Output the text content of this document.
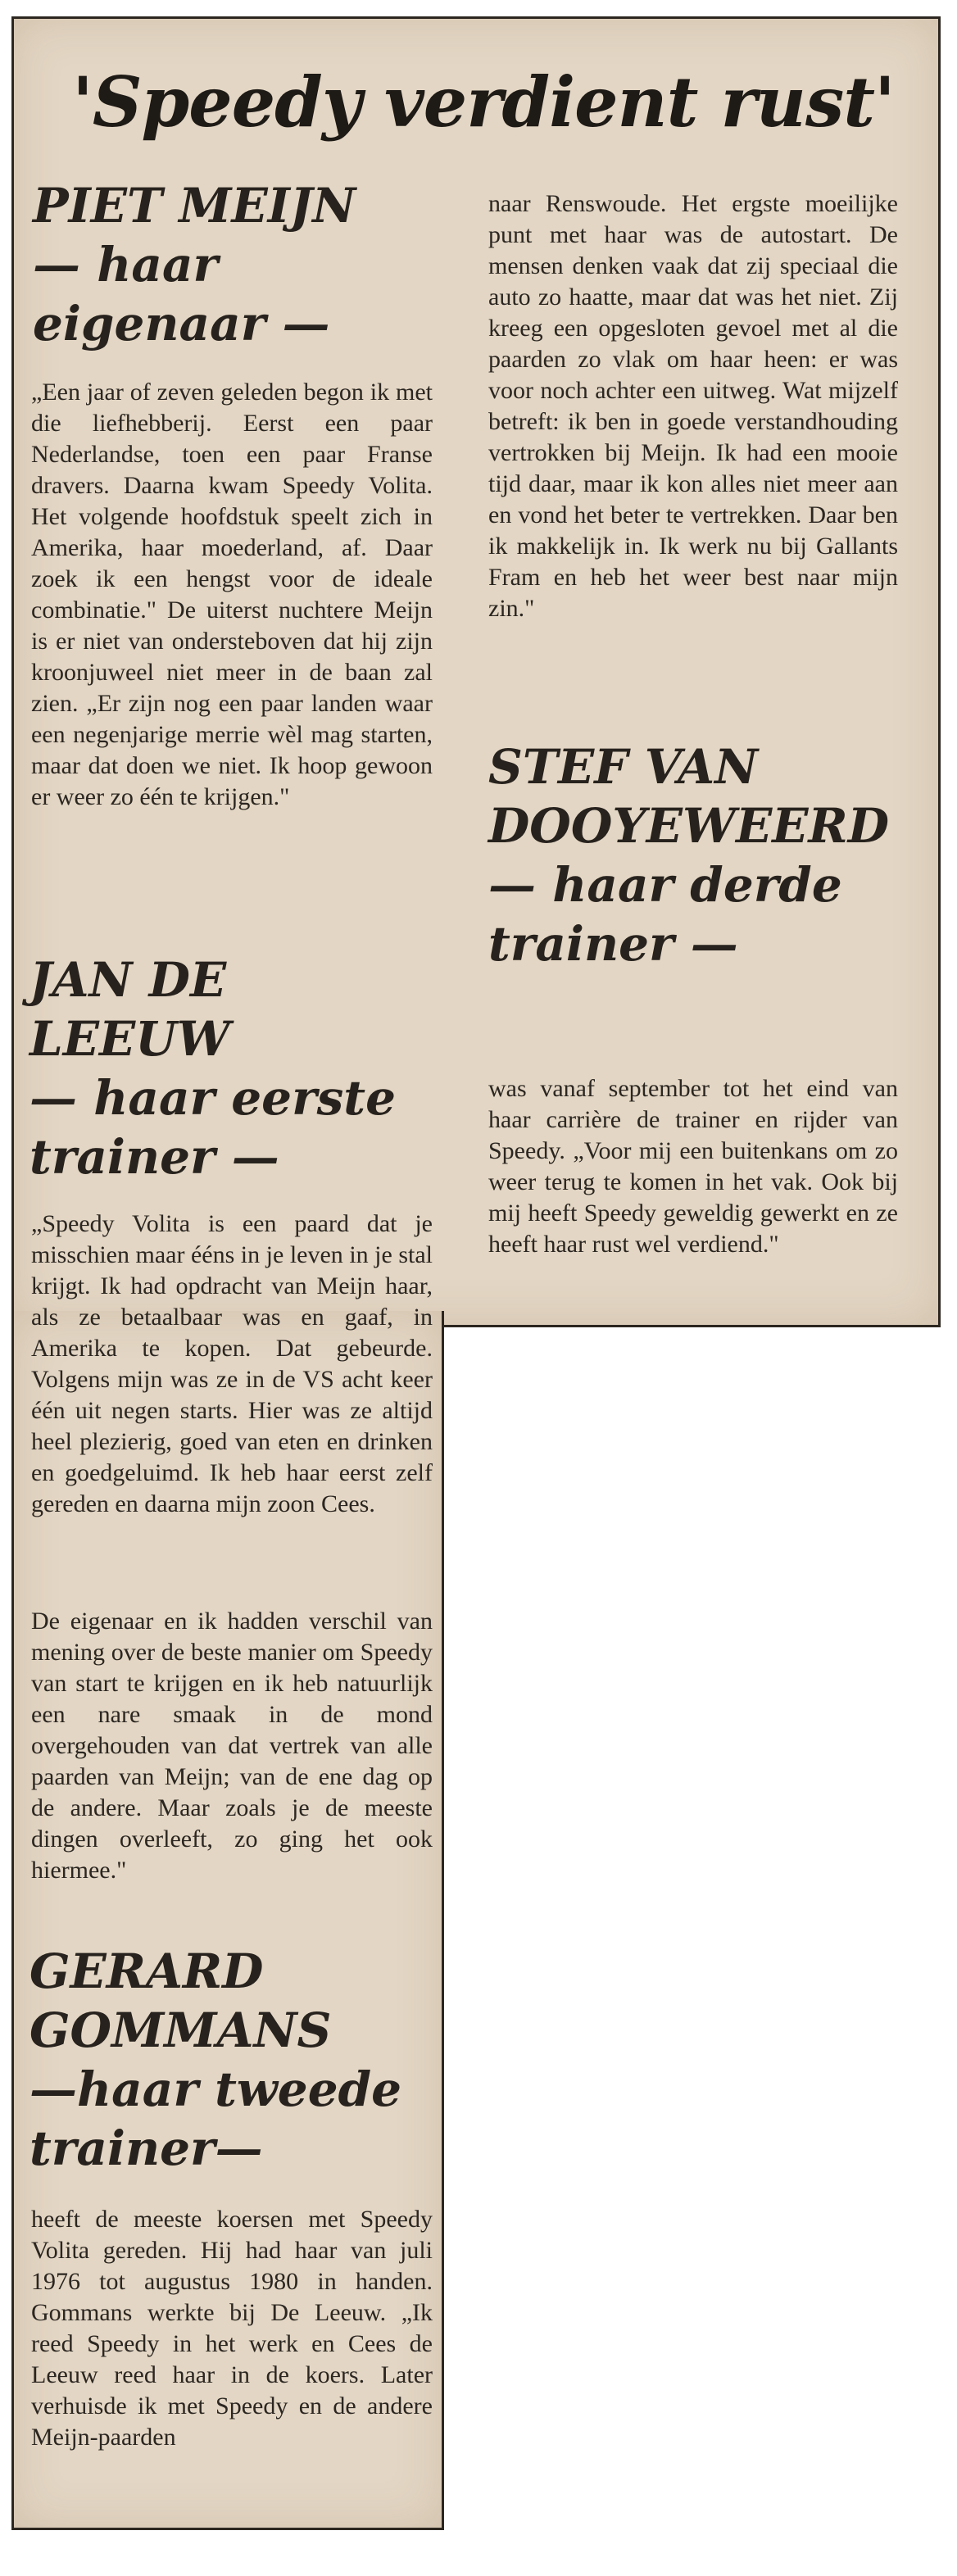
'Speedy verdient rust'
PIET MEIJN
— haar eigenaar —

„Een jaar of zeven geleden begon ik met die liefhebberij. Eerst een paar Nederlandse, toen een paar Franse dravers. Daarna kwam Speedy Volita. Het volgende hoofdstuk speelt zich in Amerika, haar moederland, af. Daar zoek ik een hengst voor de ideale combinatie." De uiterst nuchtere Meijn is er niet van ondersteboven dat hij zijn kroonjuweel niet meer in de baan zal zien. „Er zijn nog een paar landen waar een negenjarige merrie wèl mag starten, maar dat doen we niet. Ik hoop gewoon er weer zo één te krijgen."

JAN DE LEEUW
— haar eerste trainer —

„Speedy Volita is een paard dat je misschien maar ééns in je leven in je stal krijgt. Ik had opdracht van Meijn haar, als ze betaalbaar was en gaaf, in Amerika te kopen. Dat gebeurde. Volgens mijn was ze in de VS acht keer één uit negen starts. Hier was ze altijd heel plezierig, goed van eten en drinken en goedgeluimd. Ik heb haar eerst zelf gereden en daarna mijn zoon Cees.

De eigenaar en ik hadden verschil van mening over de beste manier om Speedy van start te krijgen en ik heb natuurlijk een nare smaak in de mond overgehouden van dat vertrek van alle paarden van Meijn; van de ene dag op de andere. Maar zoals je de meeste dingen overleeft, zo ging het ook hiermee."

GERARD GOMMANS
—haar tweede trainer—

heeft de meeste koersen met Speedy Volita gereden. Hij had haar van juli 1976 tot augustus 1980 in handen. Gommans werkte bij De Leeuw. „Ik reed Speedy in het werk en Cees de Leeuw reed haar in de koers. Later verhuisde ik met Speedy en de andere Meijn-paarden

naar Renswoude. Het ergste moeilijke punt met haar was de autostart. De mensen denken vaak dat zij speciaal die auto zo haatte, maar dat was het niet. Zij kreeg een opgesloten gevoel met al die paarden zo vlak om haar heen: er was voor noch achter een uitweg. Wat mijzelf betreft: ik ben in goede verstandhouding vertrokken bij Meijn. Ik had een mooie tijd daar, maar ik kon alles niet meer aan en vond het beter te vertrekken. Daar ben ik makkelijk in. Ik werk nu bij Gallants Fram en heb het weer best naar mijn zin."

STEF VAN DOOYEWEERD
— haar derde trainer —

was vanaf september tot het eind van haar carrière de trainer en rijder van Speedy. „Voor mij een buitenkans om zo weer terug te komen in het vak. Ook bij mij heeft Speedy geweldig gewerkt en ze heeft haar rust wel verdiend."
